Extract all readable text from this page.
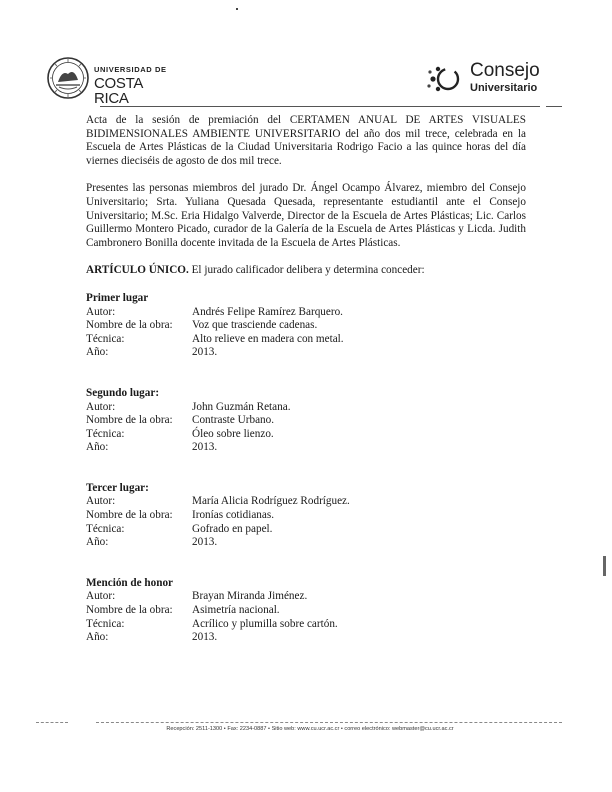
UNIVERSIDAD DE
COSTA RICA
Consejo
Universitario

Acta de la sesión de premiación del CERTAMEN ANUAL DE ARTES VISUALES BIDIMENSIONALES AMBIENTE UNIVERSITARIO del año dos mil trece, celebrada en la Escuela de Artes Plásticas de la Ciudad Universitaria Rodrigo Facio a las quince horas del día viernes dieciséis de agosto de dos mil trece.

Presentes las personas miembros del jurado Dr. Ángel Ocampo Álvarez, miembro del Consejo Universitario; Srta. Yuliana Quesada Quesada, representante estudiantil ante el Consejo Universitario; M.Sc. Eria Hidalgo Valverde, Director de la Escuela de Artes Plásticas; Lic. Carlos Guillermo Montero Picado, curador de la Galería de la Escuela de Artes Plásticas y Licda. Judith Cambronero Bonilla docente invitada de la Escuela de Artes Plásticas.

ARTÍCULO ÚNICO. El jurado calificador delibera y determina conceder:

Primer lugar
Autor:	Andrés Felipe Ramírez Barquero.
Nombre de la obra:	Voz que trasciende cadenas.
Técnica:	Alto relieve en madera con metal.
Año:	2013.
Segundo lugar:
Autor:	John Guzmán Retana.
Nombre de la obra:	Contraste Urbano.
Técnica:	Óleo sobre lienzo.
Año:	2013.
Tercer lugar:
Autor:	María Alicia Rodríguez Rodríguez.
Nombre de la obra:	Ironías cotidianas.
Técnica:	Gofrado en papel.
Año:	2013.
Mención de honor
Autor:	Brayan Miranda Jiménez.
Nombre de la obra:	Asimetría nacional.
Técnica:	Acrílico y plumilla sobre cartón.
Año:	2013.
Recepción: 2511-1300 • Fax: 2234-0887 • Sitio web: www.cu.ucr.ac.cr • correo electrónico: webmaster@cu.ucr.ac.cr
